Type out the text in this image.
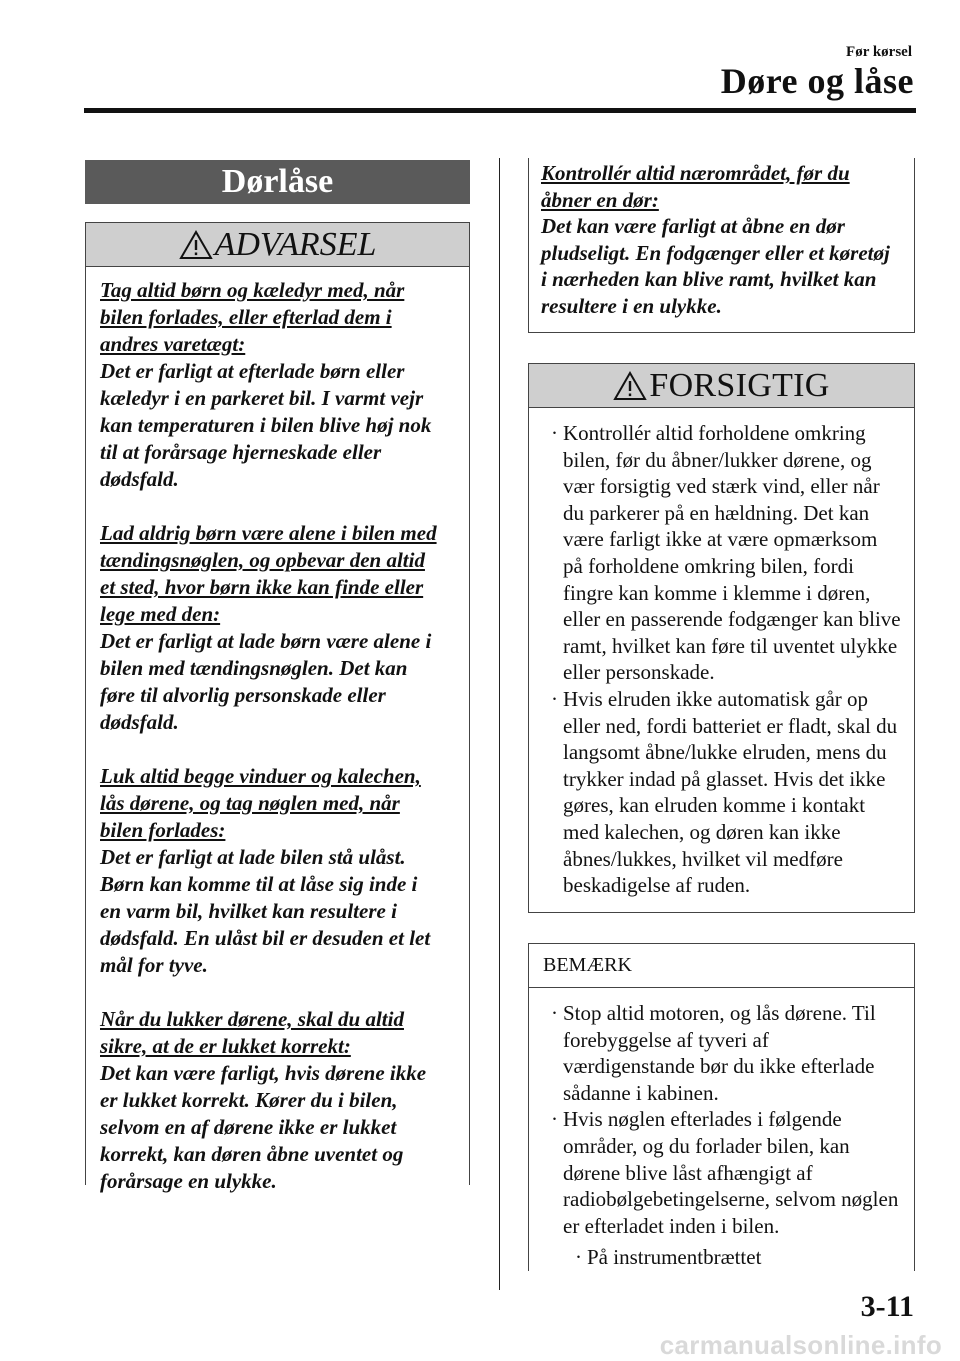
Før kørsel
Døre og låse
Dørlåse
ADVARSEL
Tag altid børn og kæledyr med, når bilen forlades, eller efterlad dem i andres varetægt:
Det er farligt at efterlade børn eller kæledyr i en parkeret bil. I varmt vejr kan temperaturen i bilen blive høj nok til at forårsage hjerneskade eller dødsfald.
Lad aldrig børn være alene i bilen med tændingsnøglen, og opbevar den altid et sted, hvor børn ikke kan finde eller lege med den:
Det er farligt at lade børn være alene i bilen med tændingsnøglen. Det kan føre til alvorlig personskade eller dødsfald.
Luk altid begge vinduer og kalechen, lås dørene, og tag nøglen med, når bilen forlades:
Det er farligt at lade bilen stå ulåst. Børn kan komme til at låse sig inde i en varm bil, hvilket kan resultere i dødsfald. En ulåst bil er desuden et let mål for tyve.
Når du lukker dørene, skal du altid sikre, at de er lukket korrekt:
Det kan være farligt, hvis dørene ikke er lukket korrekt. Kører du i bilen, selvom en af dørene ikke er lukket korrekt, kan døren åbne uventet og forårsage en ulykke.
Kontrollér altid nærområdet, før du åbner en dør:
Det kan være farligt at åbne en dør pludseligt. En fodgænger eller et køretøj i nærheden kan blive ramt, hvilket kan resultere i en ulykke.
FORSIGTIG
· Kontrollér altid forholdene omkring bilen, før du åbner/lukker dørene, og vær forsigtig ved stærk vind, eller når du parkerer på en hældning. Det kan være farligt ikke at være opmærksom på forholdene omkring bilen, fordi fingre kan komme i klemme i døren, eller en passerende fodgænger kan blive ramt, hvilket kan føre til uventet ulykke eller personskade.
· Hvis elruden ikke automatisk går op eller ned, fordi batteriet er fladt, skal du langsomt åbne/lukke elruden, mens du trykker indad på glasset. Hvis det ikke gøres, kan elruden komme i kontakt med kalechen, og døren kan ikke åbnes/lukkes, hvilket vil medføre beskadigelse af ruden.
BEMÆRK
· Stop altid motoren, og lås dørene. Til forebyggelse af tyveri af værdigenstande bør du ikke efterlade sådanne i kabinen.
· Hvis nøglen efterlades i følgende områder, og du forlader bilen, kan dørene blive låst afhængigt af radiobølgebetingelserne, selvom nøglen er efterladet inden i bilen.
· På instrumentbrættet
3-11
carmanualsonline.info
